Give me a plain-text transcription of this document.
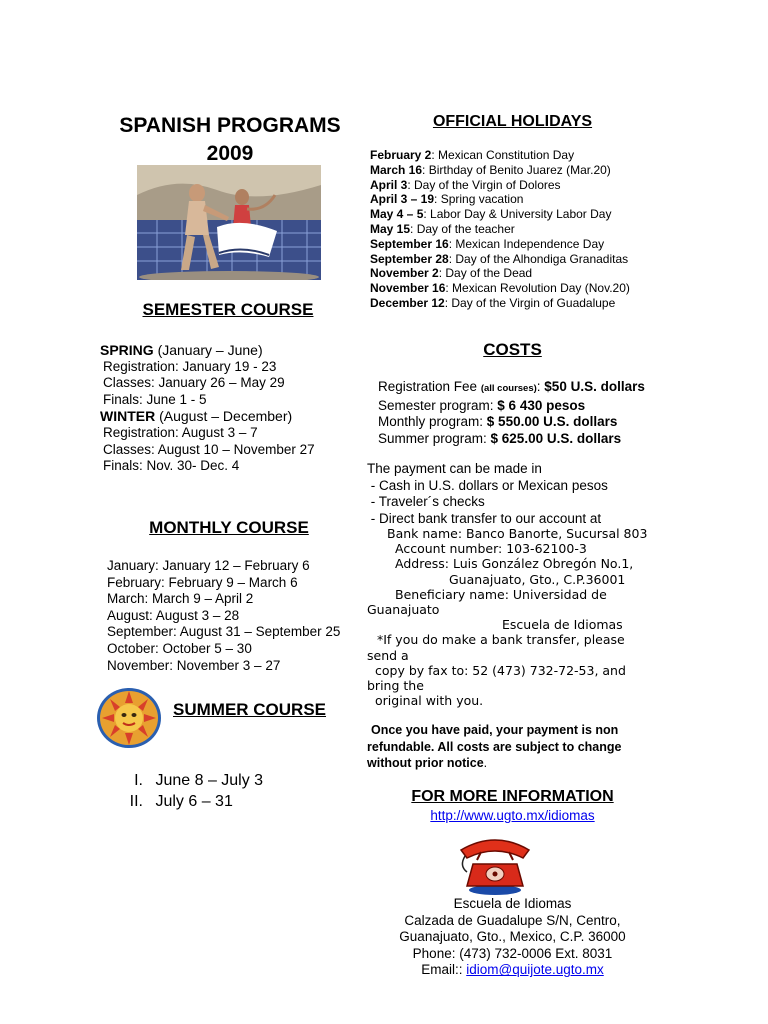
SPANISH PROGRAMS
2009
SEMESTER COURSE
SPRING (January – June)
Registration: January 19 - 23
Classes: January 26 – May 29
Finals: June 1 - 5
WINTER (August – December)
Registration: August 3 – 7
Classes: August 10 – November 27
Finals: Nov. 30- Dec. 4
MONTHLY COURSE
January: January 12 – February 6
February: February 9 – March 6
March: March 9 – April 2
August: August 3 – 28
September: August 31 – September 25
October: October 5 – 30
November: November 3 – 27
SUMMER COURSE
I. June 8 – July 3
II. July 6 – 31
OFFICIAL HOLIDAYS
February 2: Mexican Constitution Day
March 16: Birthday of Benito Juarez (Mar.20)
April 3: Day of the Virgin of Dolores
April 3 – 19: Spring vacation
May 4 – 5: Labor Day & University Labor Day
May 15: Day of the teacher
September 16: Mexican Independence Day
September 28: Day of the Alhondiga Granaditas
November 2: Day of the Dead
November 16: Mexican Revolution Day (Nov.20)
December 12: Day of the Virgin of Guadalupe
COSTS
Registration Fee (all courses): $50 U.S. dollars
Semester program: $ 6 430 pesos
Monthly program: $ 550.00 U.S. dollars
Summer program: $ 625.00 U.S. dollars
The payment can be made in
- Cash in U.S. dollars or Mexican pesos
- Traveler´s checks
- Direct bank transfer to our account at
Bank name: Banco Banorte, Sucursal 803
Account number: 103-62100-3
Address: Luis González Obregón No.1,
Guanajuato, Gto., C.P.36001
Beneficiary name: Universidad de
Guanajuato
Escuela de Idiomas
*If you do make a bank transfer, please
send a
copy by fax to: 52 (473) 732-72-53, and
bring the
original with you.
Once you have paid, your payment is non
refundable. All costs are subject to change
without prior notice.
FOR MORE INFORMATION
http://www.ugto.mx/idiomas
Escuela de Idiomas
Calzada de Guadalupe S/N, Centro,
Guanajuato, Gto., Mexico, C.P. 36000
Phone: (473) 732-0006 Ext. 8031
Email:: idiom@quijote.ugto.mx
